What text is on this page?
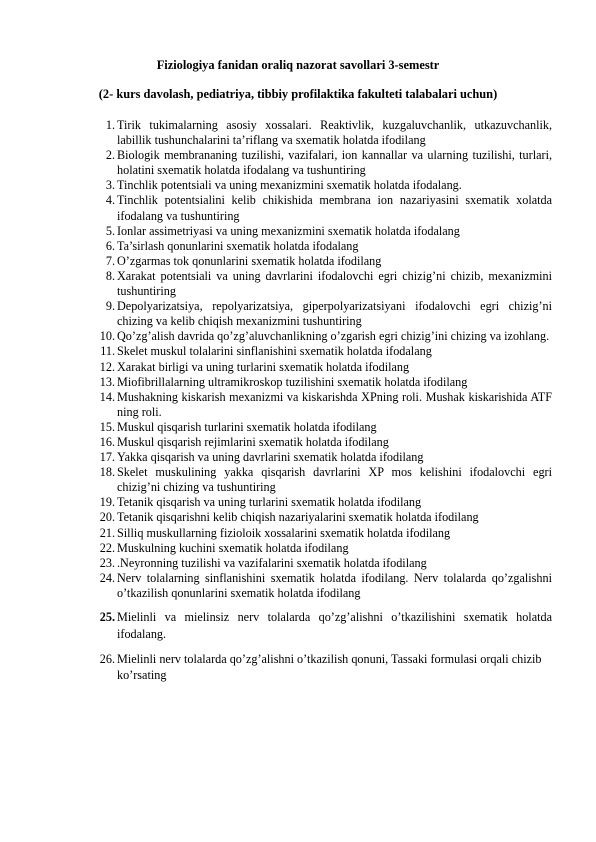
Fiziologiya fanidan oraliq nazorat savollari 3-semestr

(2- kurs davolash, pediatriya, tibbiy profilaktika fakulteti talabalari uchun)

1. Tirik tukimalarning asosiy xossalari. Reaktivlik, kuzgaluvchanlik, utkazuvchanlik, labillik tushunchalarini ta’riflang va sxematik holatda ifodilang
2. Biologik membrananing tuzilishi, vazifalari, ion kannallar va ularning tuzilishi, turlari, holatini sxematik holatda ifodalang va tushuntiring
3. Tinchlik potentsiali va uning mexanizmini sxematik holatda ifodalang.
4. Tinchlik potentsialini kelib chikishida membrana ion nazariyasini sxematik xolatda ifodalang va tushuntiring
5. Ionlar assimetriyasi va uning mexanizmini sxematik holatda ifodalang
6. Ta’sirlash qonunlarini sxematik holatda ifodalang
7. O’zgarmas tok qonunlarini sxematik holatda ifodilang
8. Xarakat potentsiali va uning davrlarini ifodalovchi egri chizig’ni chizib, mexanizmini tushuntiring
9. Depolyarizatsiya, repolyarizatsiya, giperpolyarizatsiyani ifodalovchi egri chizig’ni chizing va kelib chiqish mexanizmini tushuntiring
10. Qo’zg’alish davrida qo’zg’aluvchanlikning o’zgarish egri chizig’ini chizing va izohlang.
11. Skelet muskul tolalarini sinflanishini sxematik holatda ifodalang
12. Xarakat birligi va uning turlarini sxematik holatda ifodilang
13. Miofibrillalarning ultramikroskop tuzilishini sxematik holatda ifodilang
14. Mushakning kiskarish mexanizmi va kiskarishda XPning roli. Mushak kiskarishida ATF ning roli.
15. Muskul qisqarish turlarini sxematik holatda ifodilang
16. Muskul qisqarish rejimlarini sxematik holatda ifodilang
17. Yakka qisqarish va uning davrlarini sxematik holatda ifodilang
18. Skelet muskulining yakka qisqarish davrlarini XP mos kelishini ifodalovchi egri chizig’ni chizing va tushuntiring
19. Tetanik qisqarish va uning turlarini sxematik holatda ifodilang
20. Tetanik qisqarishni kelib chiqish nazariyalarini sxematik holatda ifodilang
21. Silliq muskullarning fizioloik xossalarini sxematik holatda ifodilang
22. Muskulning kuchini sxematik holatda ifodilang
23. .Neyronning tuzilishi va vazifalarini sxematik holatda ifodilang
24. Nerv tolalarning sinflanishini sxematik holatda ifodilang. Nerv tolalarda qo’zgalishni o’tkazilish qonunlarini sxematik holatda ifodilang
25. Mielinli va mielinsiz nerv tolalarda qo’zg’alishni o’tkazilishini sxematik holatda ifodalang.
26. Mielinli nerv tolalarda qo’zg’alishni o’tkazilish qonuni, Tassaki formulasi orqali chizib ko’rsating
